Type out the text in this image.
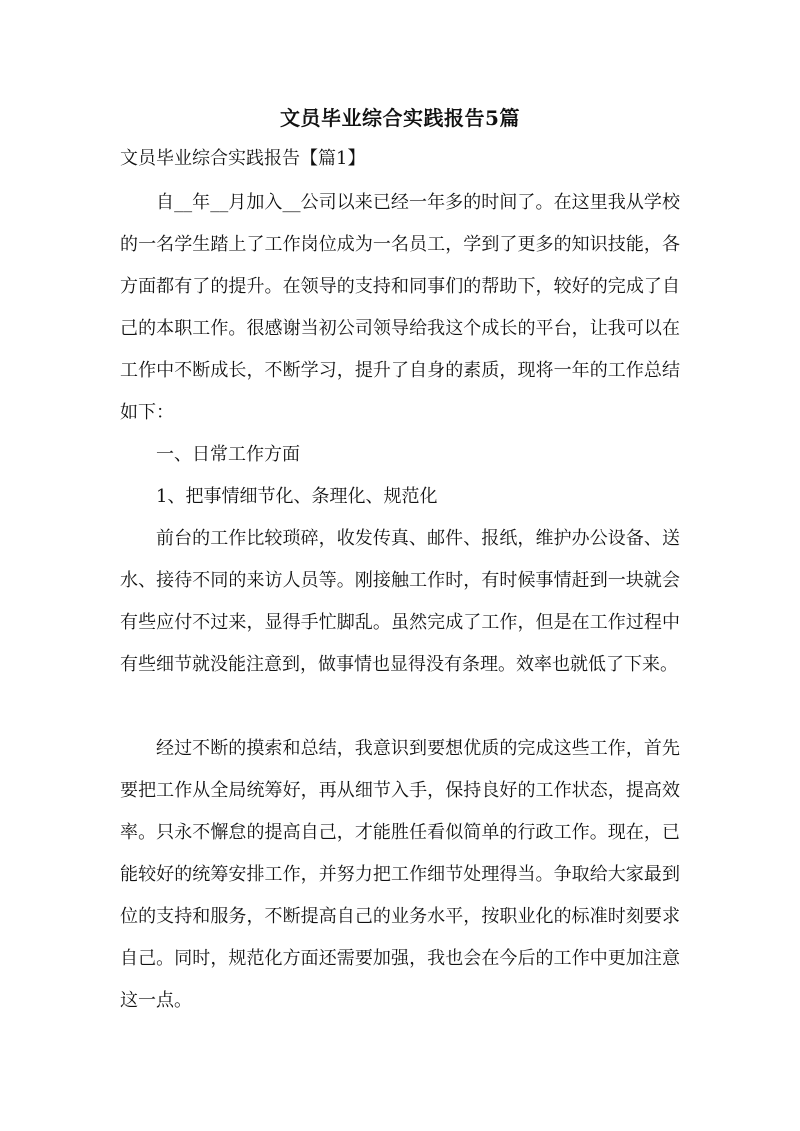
文员毕业综合实践报告5篇
文员毕业综合实践报告【篇1】

自__年__月加入__公司以来已经一年多的时间了。在这里我从学校的一名学生踏上了工作岗位成为一名员工，学到了更多的知识技能，各方面都有了的提升。在领导的支持和同事们的帮助下，较好的完成了自己的本职工作。很感谢当初公司领导给我这个成长的平台，让我可以在工作中不断成长，不断学习，提升了自身的素质，现将一年的工作总结如下：

一、日常工作方面

1、把事情细节化、条理化、规范化

前台的工作比较琐碎，收发传真、邮件、报纸，维护办公设备、送水、接待不同的来访人员等。刚接触工作时，有时候事情赶到一块就会有些应付不过来，显得手忙脚乱。虽然完成了工作，但是在工作过程中有些细节就没能注意到，做事情也显得没有条理。效率也就低了下来。

经过不断的摸索和总结，我意识到要想优质的完成这些工作，首先要把工作从全局统筹好，再从细节入手，保持良好的工作状态，提高效率。只永不懈怠的提高自己，才能胜任看似简单的行政工作。现在，已能较好的统筹安排工作，并努力把工作细节处理得当。争取给大家最到位的支持和服务，不断提高自己的业务水平，按职业化的标准时刻要求自己。同时，规范化方面还需要加强，我也会在今后的工作中更加注意这一点。
